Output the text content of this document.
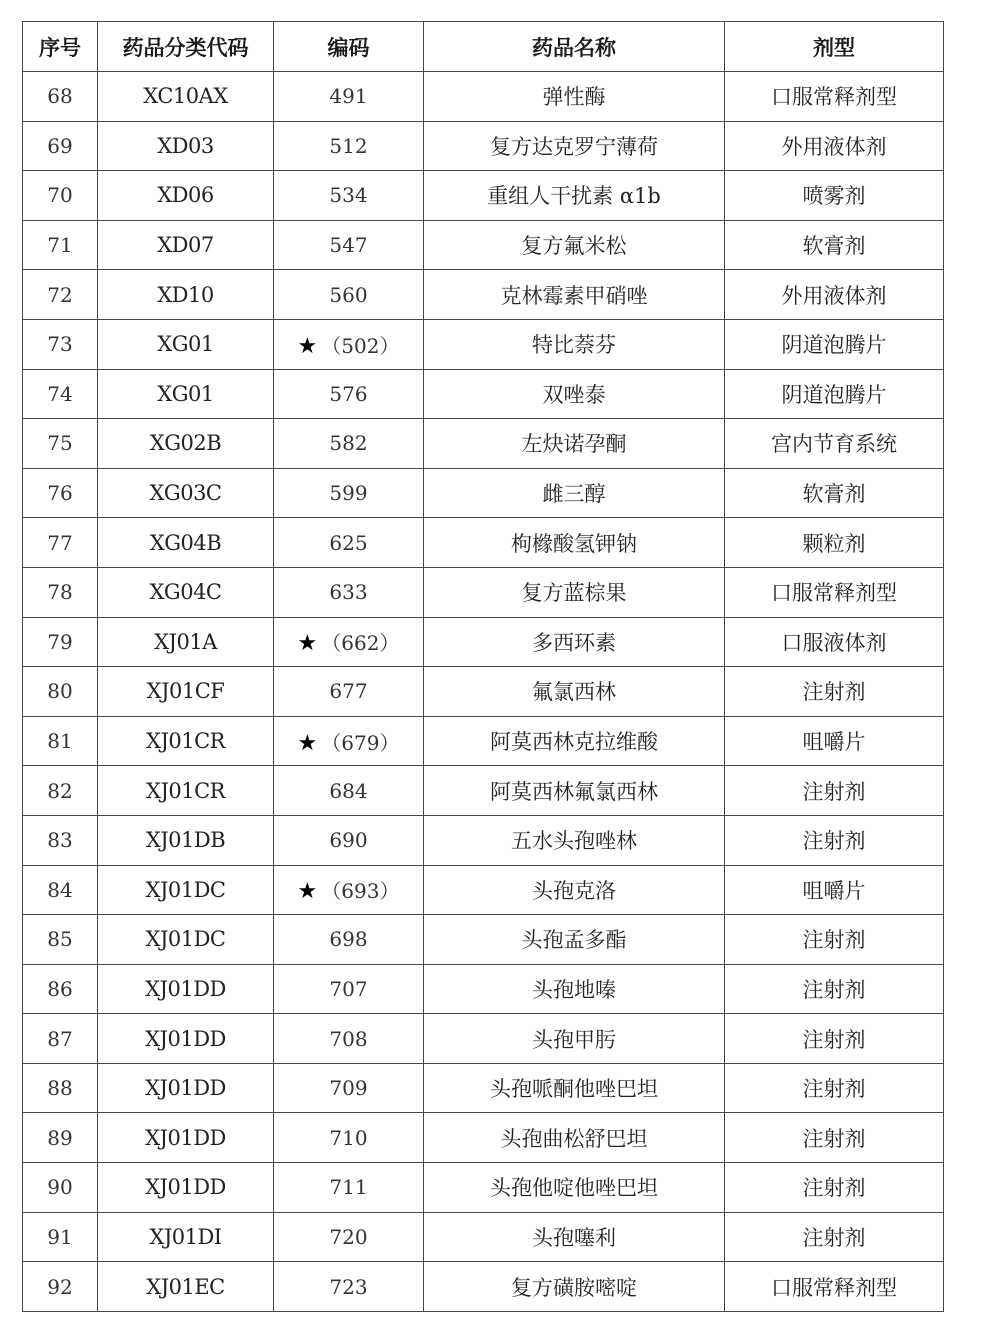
序号	药品分类代码	编码	药品名称	剂型
68	XC10AX	491	弹性酶	口服常释剂型
69	XD03	512	复方达克罗宁薄荷	外用液体剂
70	XD06	534	重组人干扰素 α1b	喷雾剂
71	XD07	547	复方氟米松	软膏剂
72	XD10	560	克林霉素甲硝唑	外用液体剂
73	XG01	★ （502）	特比萘芬	阴道泡腾片
74	XG01	576	双唑泰	阴道泡腾片
75	XG02B	582	左炔诺孕酮	宫内节育系统
76	XG03C	599	雌三醇	软膏剂
77	XG04B	625	枸橼酸氢钾钠	颗粒剂
78	XG04C	633	复方蓝棕果	口服常释剂型
79	XJ01A	★ （662）	多西环素	口服液体剂
80	XJ01CF	677	氟氯西林	注射剂
81	XJ01CR	★ （679）	阿莫西林克拉维酸	咀嚼片
82	XJ01CR	684	阿莫西林氟氯西林	注射剂
83	XJ01DB	690	五水头孢唑林	注射剂
84	XJ01DC	★ （693）	头孢克洛	咀嚼片
85	XJ01DC	698	头孢孟多酯	注射剂
86	XJ01DD	707	头孢地嗪	注射剂
87	XJ01DD	708	头孢甲肟	注射剂
88	XJ01DD	709	头孢哌酮他唑巴坦	注射剂
89	XJ01DD	710	头孢曲松舒巴坦	注射剂
90	XJ01DD	711	头孢他啶他唑巴坦	注射剂
91	XJ01DI	720	头孢噻利	注射剂
92	XJ01EC	723	复方磺胺嘧啶	口服常释剂型
